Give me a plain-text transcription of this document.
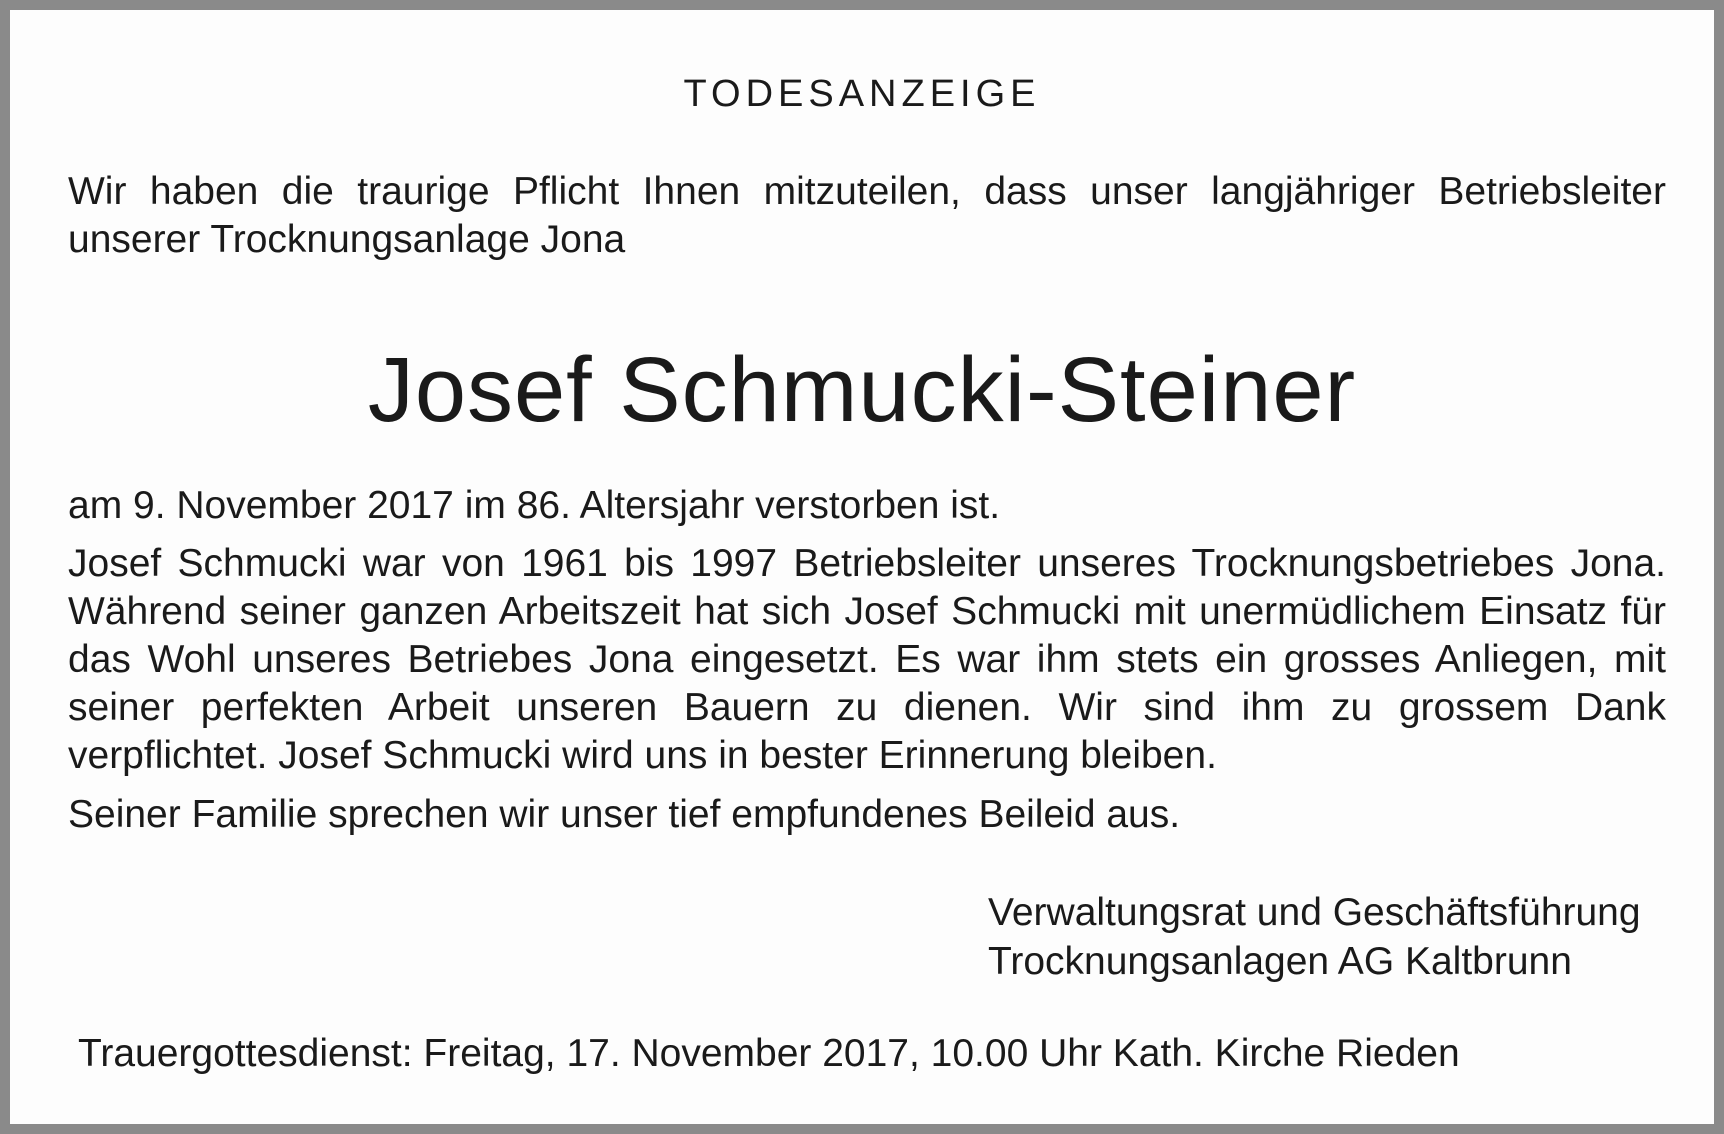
TODESANZEIGE
Wir haben die traurige Pflicht Ihnen mitzuteilen, dass unser langjähriger Betriebsleiter unserer Trocknungsanlage Jona
Josef Schmucki-Steiner
am 9. November 2017 im 86. Altersjahr verstorben ist.
Josef Schmucki war von 1961 bis 1997 Betriebsleiter unseres Trocknungsbetriebes Jona. Während seiner ganzen Arbeitszeit hat sich Josef Schmucki mit unermüdlichem Einsatz für das Wohl unseres Betriebes Jona eingesetzt. Es war ihm stets ein grosses Anliegen, mit seiner perfekten Arbeit unseren Bauern zu dienen. Wir sind ihm zu grossem Dank verpflichtet. Josef Schmucki wird uns in bester Erinnerung bleiben.
Seiner Familie sprechen wir unser tief empfundenes Beileid aus.
Verwaltungsrat und Geschäftsführung
Trocknungsanlagen AG Kaltbrunn
Trauergottesdienst: Freitag, 17. November 2017, 10.00 Uhr Kath. Kirche Rieden
